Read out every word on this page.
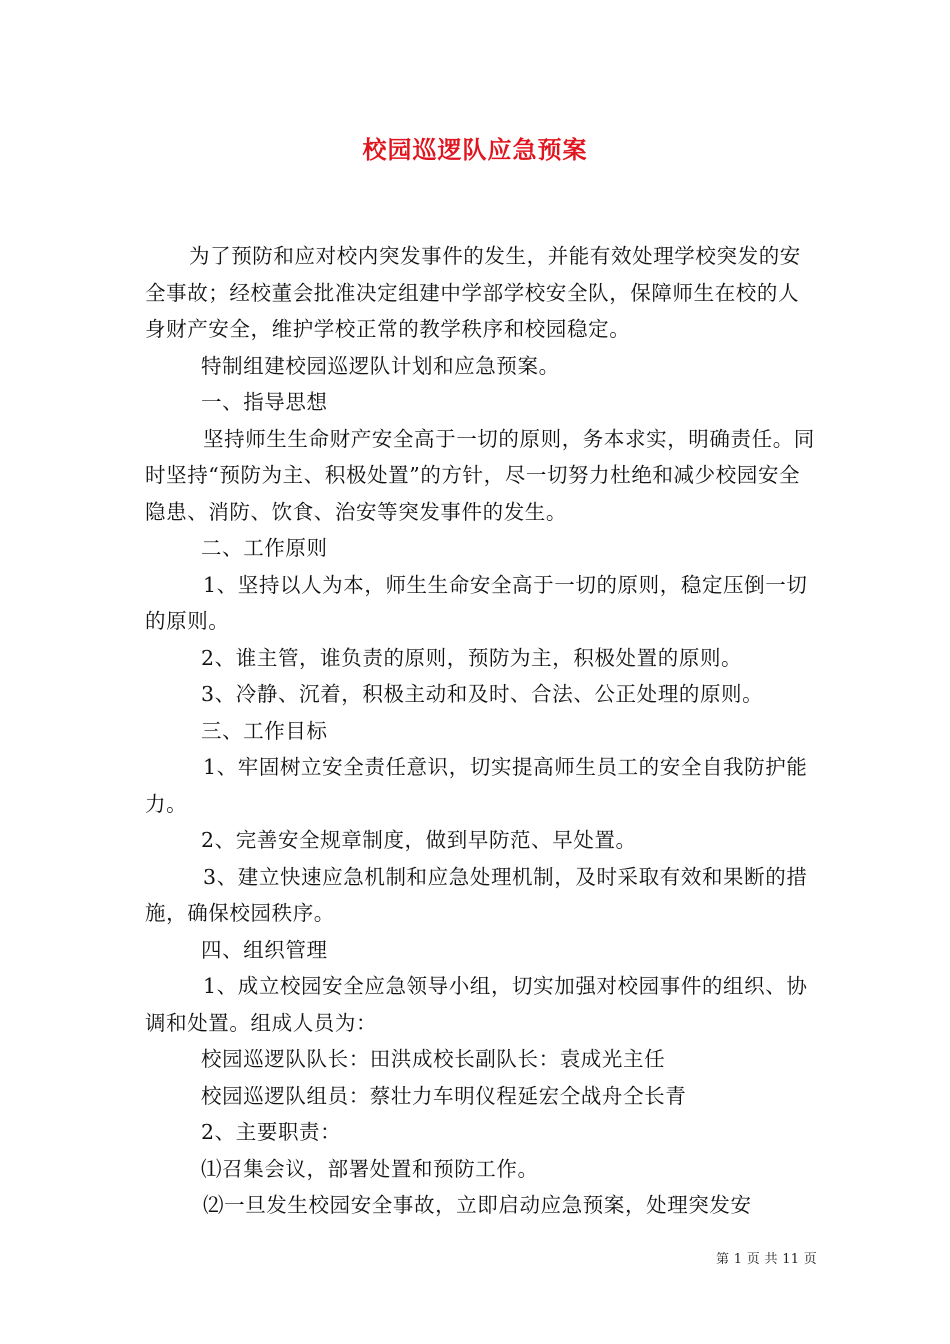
校园巡逻队应急预案

为了预防和应对校内突发事件的发生，并能有效处理学校突发的安全事故；经校董会批准决定组建中学部学校安全队，保障师生在校的人身财产安全，维护学校正常的教学秩序和校园稳定。

特制组建校园巡逻队计划和应急预案。

一、指导思想

坚持师生生命财产安全高于一切的原则，务本求实，明确责任。同时坚持“预防为主、积极处置”的方针，尽一切努力杜绝和减少校园安全隐患、消防、饮食、治安等突发事件的发生。

二、工作原则

1、坚持以人为本，师生生命安全高于一切的原则，稳定压倒一切的原则。

2、谁主管，谁负责的原则，预防为主，积极处置的原则。

3、冷静、沉着，积极主动和及时、合法、公正处理的原则。

三、工作目标

1、牢固树立安全责任意识，切实提高师生员工的安全自我防护能力。

2、完善安全规章制度，做到早防范、早处置。

3、建立快速应急机制和应急处理机制，及时采取有效和果断的措施，确保校园秩序。

四、组织管理

1、成立校园安全应急领导小组，切实加强对校园事件的组织、协调和处置。组成人员为：

校园巡逻队队长：田洪成校长副队长：袁成光主任

校园巡逻队组员：蔡壮力车明仪程延宏仝战舟仝长青

2、主要职责：

⑴召集会议，部署处置和预防工作。

⑵一旦发生校园安全事故，立即启动应急预案，处理突发安

第 1 页 共 11 页
